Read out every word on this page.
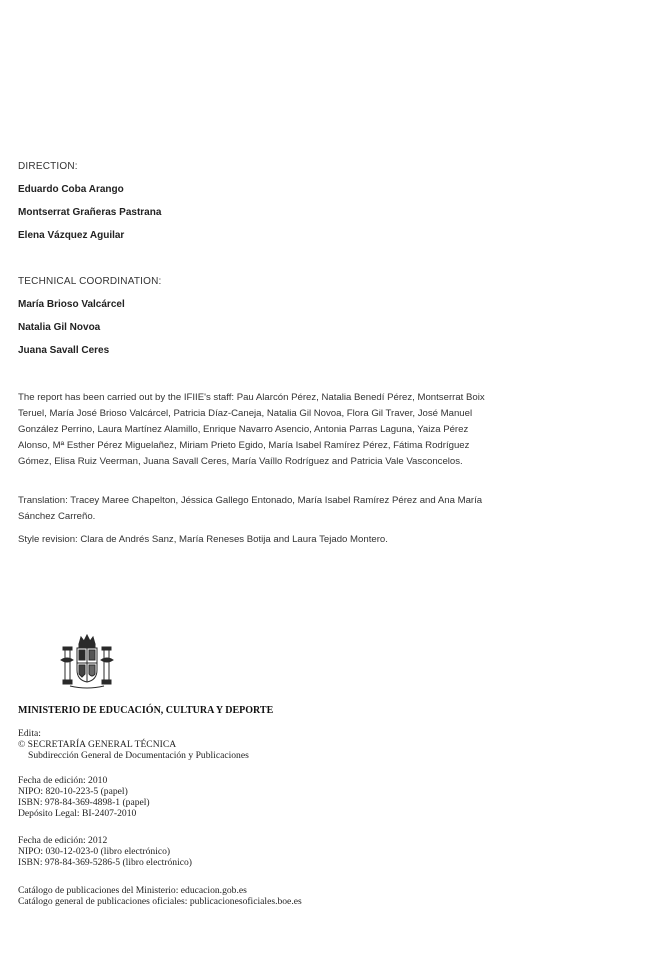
DIRECTION:
Eduardo Coba Arango
Montserrat Grañeras Pastrana
Elena Vázquez Aguilar
TECHNICAL COORDINATION:
María Brioso Valcárcel
Natalia Gil Novoa
Juana Savall Ceres
The report has been carried out by the IFIIE's staff: Pau Alarcón Pérez, Natalia Benedí Pérez, Montserrat Boix Teruel, María José Brioso Valcárcel, Patricia Díaz-Caneja, Natalia Gil Novoa, Flora Gil Traver, José Manuel González Perrino, Laura Martínez Alamillo, Enrique Navarro Asencio, Antonia Parras Laguna, Yaiza Pérez Alonso, Mª Esther Pérez Miguelañez, Miriam Prieto Egido, María Isabel Ramírez Pérez, Fátima Rodríguez Gómez, Elisa Ruiz Veerman, Juana Savall Ceres, María Vaíllo Rodríguez and Patricia Vale Vasconcelos.
Translation: Tracey Maree Chapelton, Jéssica Gallego Entonado, María Isabel Ramírez Pérez and Ana María Sánchez Carreño.
Style revision: Clara de Andrés Sanz, María Reneses Botija and Laura Tejado Montero.
MINISTERIO DE EDUCACIÓN, CULTURA Y DEPORTE
Edita:
© SECRETARÍA GENERAL TÉCNICA
Subdirección General de Documentación y Publicaciones
Fecha de edición: 2010
NIPO: 820-10-223-5 (papel)
ISBN: 978-84-369-4898-1 (papel)
Depósito Legal: BI-2407-2010
Fecha de edición: 2012
NIPO: 030-12-023-0 (libro electrónico)
ISBN: 978-84-369-5286-5 (libro electrónico)
Catálogo de publicaciones del Ministerio: educacion.gob.es
Catálogo general de publicaciones oficiales: publicacionesoficiales.boe.es
